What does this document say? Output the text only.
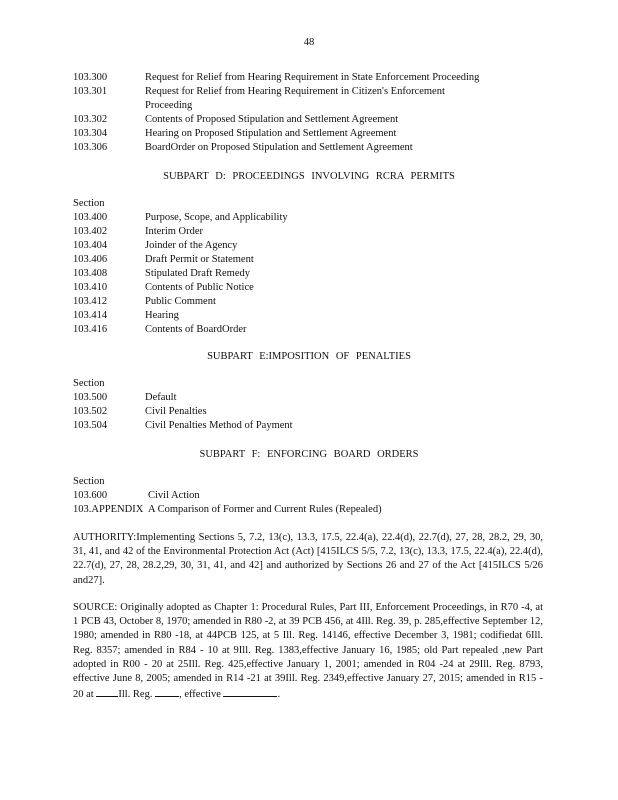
48
103.300	Request for Relief from Hearing Requirement in State Enforcement Proceeding
103.301	Request for Relief from Hearing Requirement in Citizen's Enforcement Proceeding
103.302	Contents of Proposed Stipulation and Settlement Agreement
103.304	Hearing on Proposed Stipulation and Settlement Agreement
103.306	BoardOrder on Proposed Stipulation and Settlement Agreement
SUBPART D: PROCEEDINGS INVOLVING RCRA PERMITS
Section
103.400	Purpose, Scope, and Applicability
103.402	Interim Order
103.404	Joinder of the Agency
103.406	Draft Permit or Statement
103.408	Stipulated Draft Remedy
103.410	Contents of Public Notice
103.412	Public Comment
103.414	Hearing
103.416	Contents of BoardOrder
SUBPART E:IMPOSITION OF PENALTIES
Section
103.500	Default
103.502	Civil Penalties
103.504	Civil Penalties Method of Payment
SUBPART F: ENFORCING BOARD ORDERS
Section
103.600	Civil Action
103.APPENDIX A Comparison of Former and Current Rules (Repealed)
AUTHORITY:Implementing Sections 5, 7.2, 13(c), 13.3, 17.5, 22.4(a), 22.4(d), 22.7(d), 27, 28, 28.2, 29, 30, 31, 41, and 42 of the Environmental Protection Act (Act) [415ILCS 5/5, 7.2, 13(c), 13.3, 17.5, 22.4(a), 22.4(d), 22.7(d), 27, 28, 28.2,29, 30, 31, 41, and 42] and authorized by Sections 26 and 27 of the Act [415ILCS 5/26 and27].
SOURCE: Originally adopted as Chapter 1: Procedural Rules, Part III, Enforcement Proceedings, in R70 -4, at 1 PCB 43, October 8, 1970; amended in R80 -2, at 39 PCB 456, at 4Ill. Reg. 39, p. 285,effective September 12, 1980; amended in R80 -18, at 44PCB 125, at 5 Ill. Reg. 14146, effective December 3, 1981; codifiedat 6Ill. Reg. 8357; amended in R84 - 10 at 9Ill. Reg. 1383,effective January 16, 1985; old Part repealed ,new Part adopted in R00 - 20 at 25Ill. Reg. 425,effective January 1, 2001; amended in R04 -24 at 29Ill. Reg. 8793, effective June 8, 2005; amended in R14 -21 at 39Ill. Reg. 2349,effective January 27, 2015; amended in R15 - 20 at Ill. Reg.	, effective	.
